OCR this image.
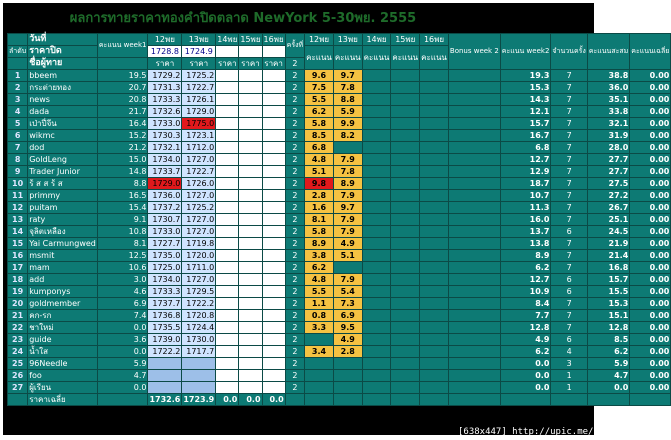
ผลการทายราคาทองคำปิดตลาด NewYork 5-30พย. 2555
	วันที่	คะแนน week1	12พย	13พย	14พย	15พย	16พย	ครั้งที่	12พย	13พย	14พย	15พย	16พย	Bonus week 2	คะแนน week2	จำนวนครั้ง	คะแนนสะสม	คะแนนเฉลี่ย
ลำดับ	ราคาปิด		1728.8	1724.9					คะแนน	คะแนน	คะแนน	คะแนน	คะแนน					
	ชื่อผู้ทาย		ราคา	ราคา	ราคา	ราคา	ราคา	2										
1	bbeem	19.5	1729.2	1725.2				2	9.6	9.7					19.3	7	38.8	0.00
2	กระต่ายทอง	20.7	1731.3	1722.7				2	7.5	7.8					15.3	7	36.0	0.00
3	news	20.8	1733.3	1726.1				2	5.5	8.8					14.3	7	35.1	0.00
4	dada	21.7	1732.6	1729.0				2	6.2	5.9					12.1	7	33.8	0.00
5	เป่าปี่จีน	16.4	1733.0	1775.0				2	5.8	9.9					15.7	7	32.1	0.00
6	wikmc	15.2	1730.3	1723.1				2	8.5	8.2					16.7	7	31.9	0.00
7	dod	21.2	1732.1	1712.0				2	6.8						6.8	7	28.0	0.00
8	GoldLeng	15.0	1734.0	1727.0				2	4.8	7.9					12.7	7	27.7	0.00
9	Trader Junior	14.8	1733.7	1722.7				2	5.1	7.8					12.9	7	27.7	0.00
10	ร้ ส ส ร้ ส	8.8	1729.0	1726.0				2	9.8	8.9					18.7	7	27.5	0.00
11	primmy	16.5	1736.0	1727.0				2	2.8	7.9					10.7	7	27.2	0.00
12	puitam	15.4	1737.2	1725.2				2	1.6	9.7					11.3	7	26.7	0.00
13	raty	9.1	1730.7	1727.0				2	8.1	7.9					16.0	7	25.1	0.00
14	จุลิตเหลือง	10.8	1733.0	1727.0				2	5.8	7.9					13.7	6	24.5	0.00
15	Yai Carmungwed	8.1	1727.7	1719.8				2	8.9	4.9					13.8	7	21.9	0.00
16	msmit	12.5	1735.0	1720.0				2	3.8	5.1					8.9	7	21.4	0.00
17	mam	10.6	1725.0	1711.0				2	6.2						6.2	7	16.8	0.00
18	add	3.0	1734.0	1727.0				2	4.8	7.9					12.7	6	15.7	0.00
19	kumponys	4.6	1733.3	1729.5				2	5.5	5.4					10.9	6	15.5	0.00
20	goldmember	6.9	1737.7	1722.2				2	1.1	7.3					8.4	7	15.3	0.00
21	คก-รก	7.4	1736.8	1720.8				2	0.8	6.9					7.7	7	15.1	0.00
22	ชาใหม่	0.0	1735.5	1724.4				2	3.3	9.5					12.8	7	12.8	0.00
23	guide	3.6	1739.0	1730.0				2		4.9					4.9	6	8.5	0.00
24	น้ำใส	0.0	1722.2	1717.7				2	3.4	2.8					6.2	4	6.2	0.00
25	96Needle	5.9						2							0.0	3	5.9	0.00
26	foo	4.7						2							0.0	1	4.7	0.00
27	ผู้เรียน	0.0						2							0.0	1	0.0	0.00
	ราคาเฉลี่ย		1732.6	1723.9	0.0	0.0	0.0											
[638x447] http://upic.me/
